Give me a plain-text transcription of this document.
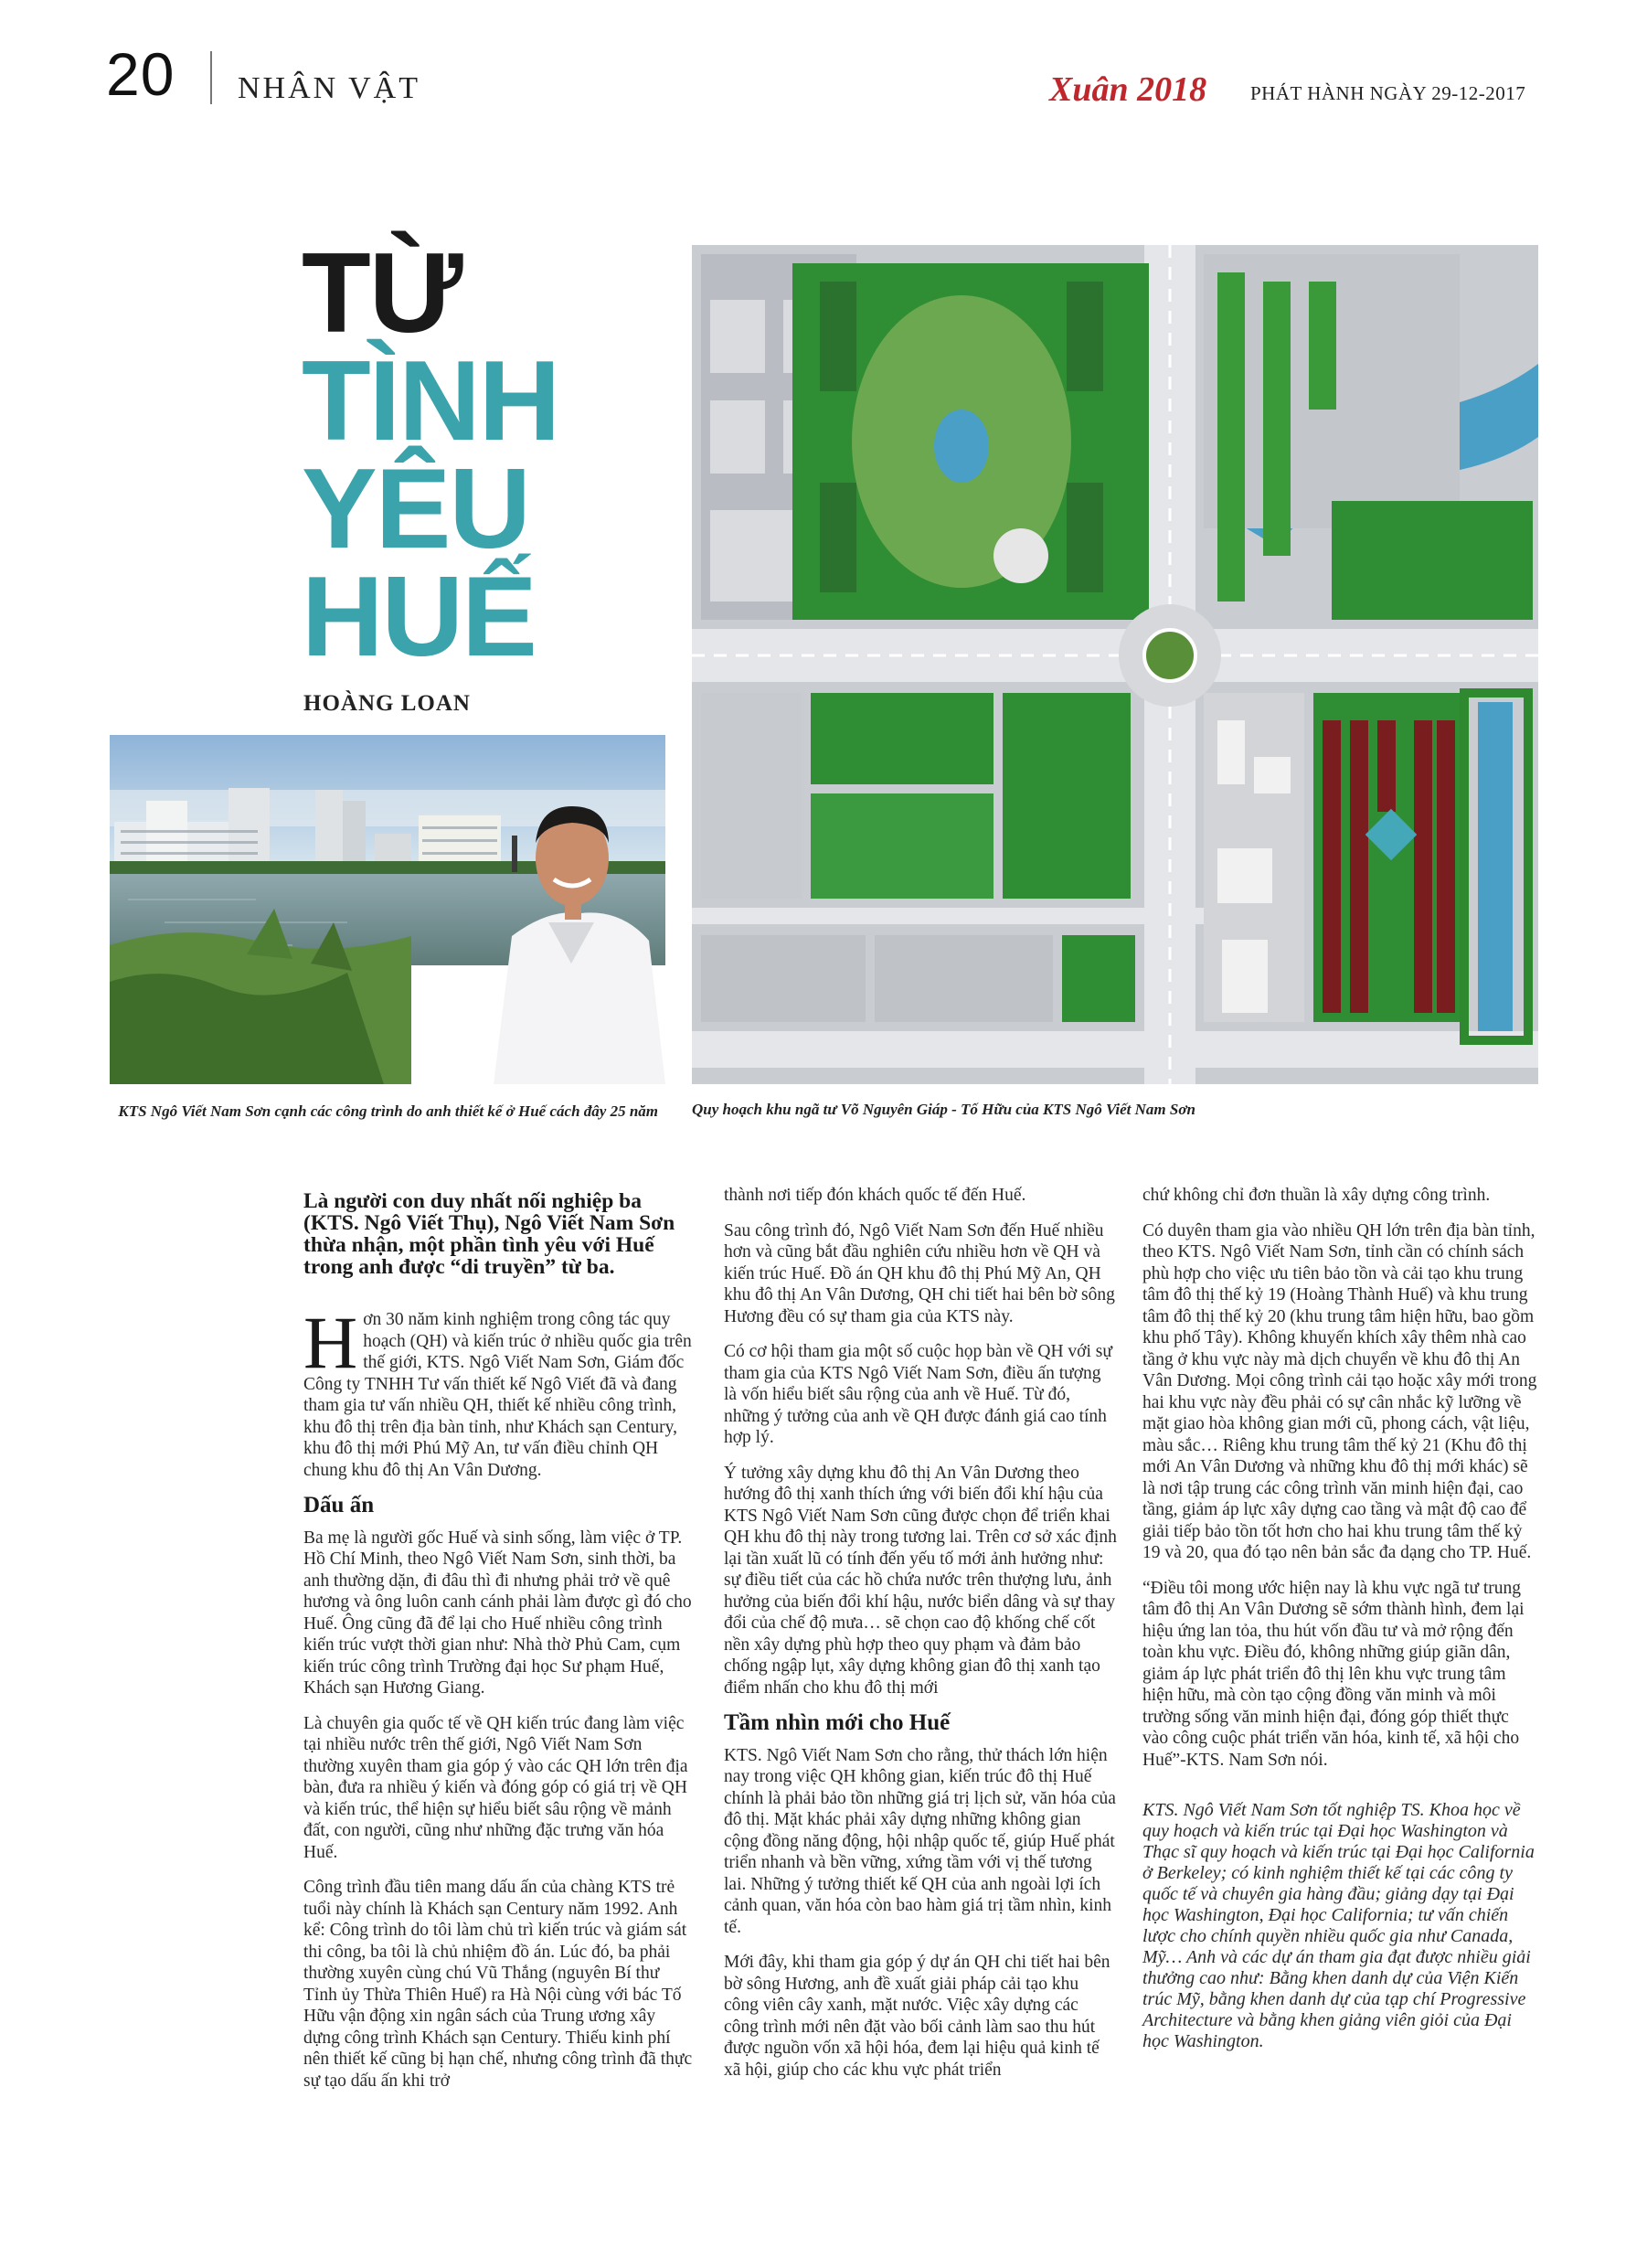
20 NHÂN VẬT	Xuân 2018 PHÁT HÀNH NGÀY 29-12-2017
TỪ
TÌNH
YÊU
HUẾ
HOÀNG LOAN
KTS Ngô Viết Nam Sơn cạnh các công trình do anh thiết kế ở Huế cách đây 25 năm Quy hoạch khu ngã tư Võ Nguyên Giáp - Tố Hữu của KTS Ngô Viết Nam Sơn

Là người con duy nhất nối nghiệp ba (KTS. Ngô Viết Thụ), Ngô Viết Nam Sơn thừa nhận, một phần tình yêu với Huế trong anh được “di truyền” từ ba.

Hơn 30 năm kinh nghiệm trong công tác quy hoạch (QH) và kiến trúc ở nhiều quốc gia trên thế giới, KTS. Ngô Viết Nam Sơn, Giám đốc Công ty TNHH Tư vấn thiết kế Ngô Viết đã và đang tham gia tư vấn nhiều QH, thiết kế nhiều công trình, khu đô thị trên địa bàn tỉnh, như Khách sạn Century, khu đô thị mới Phú Mỹ An, tư vấn điều chỉnh QH chung khu đô thị An Vân Dương.

Dấu ấn

Ba mẹ là người gốc Huế và sinh sống, làm việc ở TP. Hồ Chí Minh, theo Ngô Viết Nam Sơn, sinh thời, ba anh thường dặn, đi đâu thì đi nhưng phải trở về quê hương và ông luôn canh cánh phải làm được gì đó cho Huế. Ông cũng đã để lại cho Huế nhiều công trình kiến trúc vượt thời gian như: Nhà thờ Phủ Cam, cụm kiến trúc công trình Trường đại học Sư phạm Huế, Khách sạn Hương Giang.

Là chuyên gia quốc tế về QH kiến trúc đang làm việc tại nhiều nước trên thế giới, Ngô Viết Nam Sơn thường xuyên tham gia góp ý vào các QH lớn trên địa bàn, đưa ra nhiều ý kiến và đóng góp có giá trị về QH và kiến trúc, thể hiện sự hiểu biết sâu rộng về mảnh đất, con người, cũng như những đặc trưng văn hóa Huế.

Công trình đầu tiên mang dấu ấn của chàng KTS trẻ tuổi này chính là Khách sạn Century năm 1992. Anh kể: Công trình do tôi làm chủ trì kiến trúc và giám sát thi công, ba tôi là chủ nhiệm đồ án. Lúc đó, ba phải thường xuyên cùng chú Vũ Thắng (nguyên Bí thư Tỉnh ủy Thừa Thiên Huế) ra Hà Nội cùng với bác Tố Hữu vận động xin ngân sách của Trung ương xây dựng công trình Khách sạn Century. Thiếu kinh phí nên thiết kế cũng bị hạn chế, nhưng công trình đã thực sự tạo dấu ấn khi trở

thành nơi tiếp đón khách quốc tế đến Huế.

Sau công trình đó, Ngô Viết Nam Sơn đến Huế nhiều hơn và cũng bắt đầu nghiên cứu nhiều hơn về QH và kiến trúc Huế. Đồ án QH khu đô thị Phú Mỹ An, QH khu đô thị An Vân Dương, QH chi tiết hai bên bờ sông Hương đều có sự tham gia của KTS này.

Có cơ hội tham gia một số cuộc họp bàn về QH với sự tham gia của KTS Ngô Viết Nam Sơn, điều ấn tượng là vốn hiểu biết sâu rộng của anh về Huế. Từ đó, những ý tưởng của anh về QH được đánh giá cao tính hợp lý.

Ý tưởng xây dựng khu đô thị An Vân Dương theo hướng đô thị xanh thích ứng với biến đổi khí hậu của KTS Ngô Viết Nam Sơn cũng được chọn để triển khai QH khu đô thị này trong tương lai. Trên cơ sở xác định lại tần xuất lũ có tính đến yếu tố mới ảnh hưởng như: sự điều tiết của các hồ chứa nước trên thượng lưu, ảnh hưởng của biến đổi khí hậu, nước biển dâng và sự thay đổi của chế độ mưa… sẽ chọn cao độ khống chế cốt nền xây dựng phù hợp theo quy phạm và đảm bảo chống ngập lụt, xây dựng không gian đô thị xanh tạo điểm nhấn cho khu đô thị mới

Tầm nhìn mới cho Huế

KTS. Ngô Viết Nam Sơn cho rằng, thử thách lớn hiện nay trong việc QH không gian, kiến trúc đô thị Huế chính là phải bảo tồn những giá trị lịch sử, văn hóa của đô thị. Mặt khác phải xây dựng những không gian cộng đồng năng động, hội nhập quốc tế, giúp Huế phát triển nhanh và bền vững, xứng tầm với vị thế tương lai. Những ý tưởng thiết kế QH của anh ngoài lợi ích cảnh quan, văn hóa còn bao hàm giá trị tầm nhìn, kinh tế.

Mới đây, khi tham gia góp ý dự án QH chi tiết hai bên bờ sông Hương, anh đề xuất giải pháp cải tạo khu công viên cây xanh, mặt nước. Việc xây dựng các công trình mới nên đặt vào bối cảnh làm sao thu hút được nguồn vốn xã hội hóa, đem lại hiệu quả kinh tế xã hội, giúp cho các khu vực phát triển

chứ không chỉ đơn thuần là xây dựng công trình.

Có duyên tham gia vào nhiều QH lớn trên địa bàn tỉnh, theo KTS. Ngô Viết Nam Sơn, tỉnh cần có chính sách phù hợp cho việc ưu tiên bảo tồn và cải tạo khu trung tâm đô thị thế kỷ 19 (Hoàng Thành Huế) và khu trung tâm đô thị thế kỷ 20 (khu trung tâm hiện hữu, bao gồm khu phố Tây). Không khuyến khích xây thêm nhà cao tầng ở khu vực này mà dịch chuyển về khu đô thị An Vân Dương. Mọi công trình cải tạo hoặc xây mới trong hai khu vực này đều phải có sự cân nhắc kỹ lưỡng về mặt giao hòa không gian mới cũ, phong cách, vật liệu, màu sắc… Riêng khu trung tâm thế kỷ 21 (Khu đô thị mới An Vân Dương và những khu đô thị mới khác) sẽ là nơi tập trung các công trình văn minh hiện đại, cao tầng, giảm áp lực xây dựng cao tầng và mật độ cao để giải tiếp bảo tồn tốt hơn cho hai khu trung tâm thế kỷ 19 và 20, qua đó tạo nên bản sắc đa dạng cho TP. Huế.

“Điều tôi mong ước hiện nay là khu vực ngã tư trung tâm đô thị An Vân Dương sẽ sớm thành hình, đem lại hiệu ứng lan tỏa, thu hút vốn đầu tư và mở rộng đến toàn khu vực. Điều đó, không những giúp giãn dân, giảm áp lực phát triển đô thị lên khu vực trung tâm hiện hữu, mà còn tạo cộng đồng văn minh và môi trường sống văn minh hiện đại, đóng góp thiết thực vào công cuộc phát triển văn hóa, kinh tế, xã hội cho Huế”-KTS. Nam Sơn nói.

KTS. Ngô Viết Nam Sơn tốt nghiệp TS. Khoa học về quy hoạch và kiến trúc tại Đại học Washington và Thạc sĩ quy hoạch và kiến trúc tại Đại học California ở Berkeley; có kinh nghiệm thiết kế tại các công ty quốc tế và chuyên gia hàng đầu; giảng dạy tại Đại học Washington, Đại học California; tư vấn chiến lược cho chính quyền nhiều quốc gia như Canada, Mỹ… Anh và các dự án tham gia đạt được nhiều giải thưởng cao như: Bằng khen danh dự của Viện Kiến trúc Mỹ, bằng khen danh dự của tạp chí Progressive Architecture và bằng khen giảng viên giỏi của Đại học Washington.
